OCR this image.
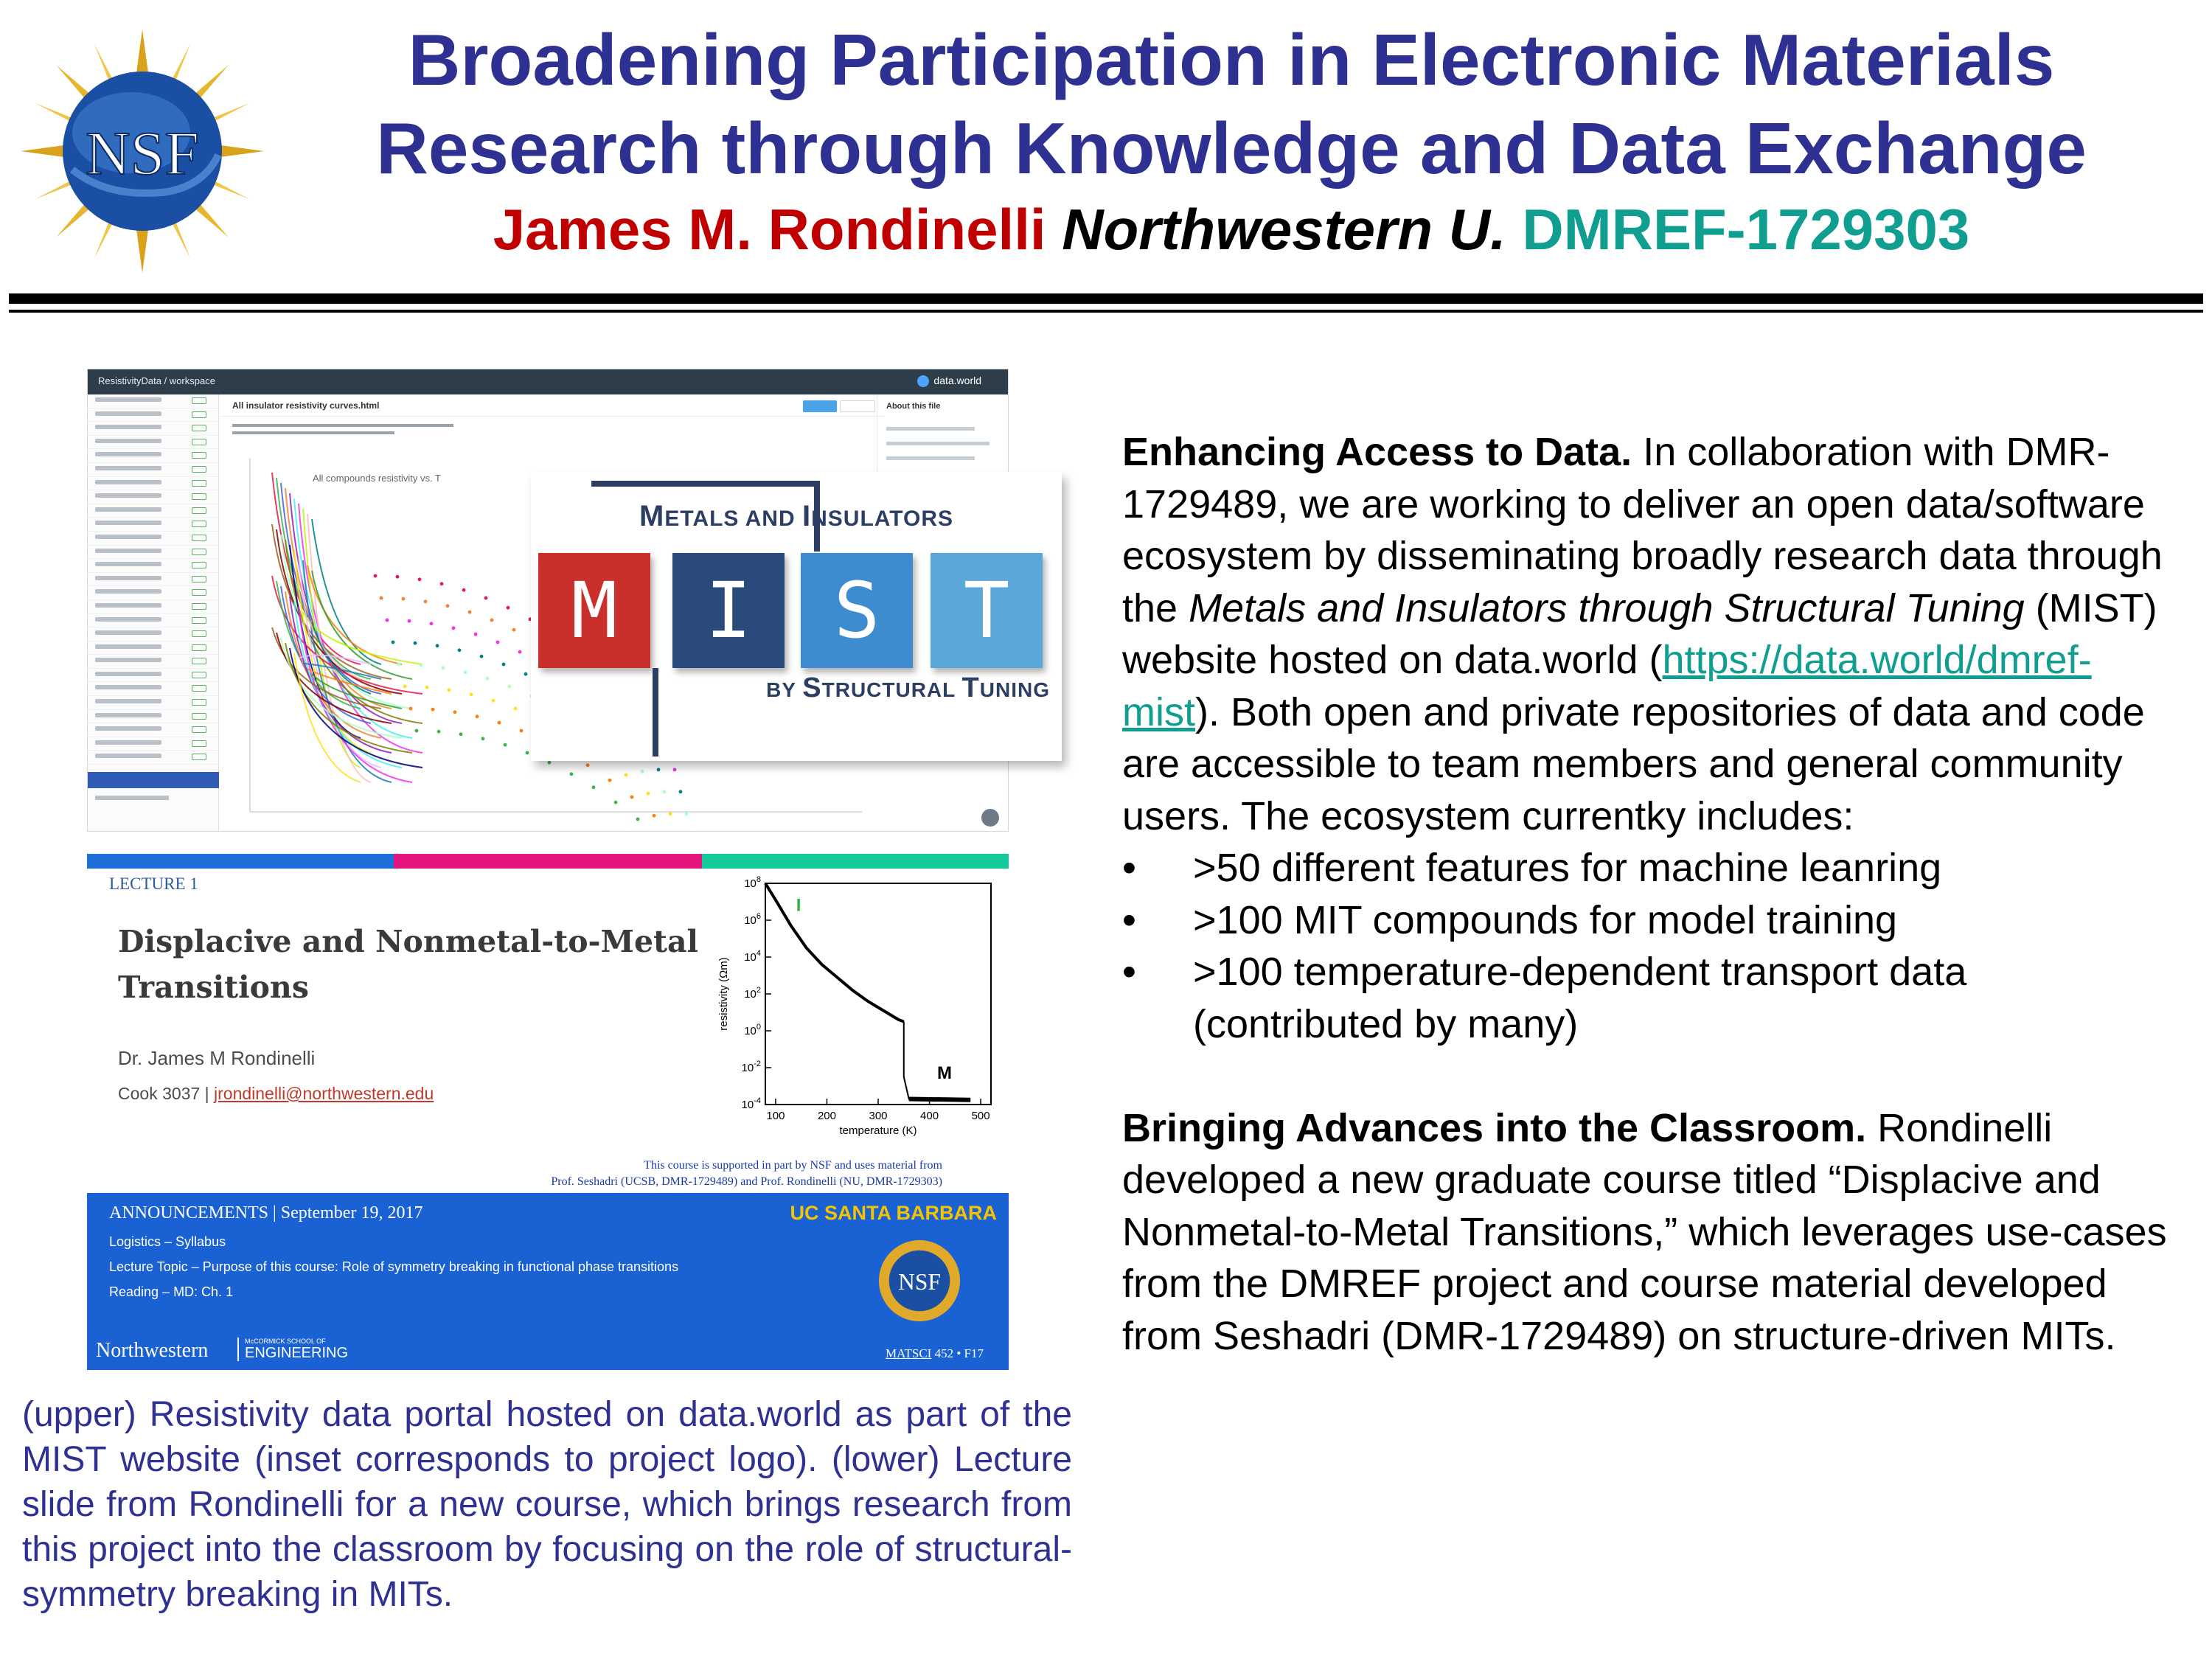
NSF
Broadening Participation in Electronic Materials
Research through Knowledge and Data Exchange
James M. Rondinelli Northwestern U. DMREF-1729303
ResistivityData / workspace	data.world
All insulator resistivity curves.html	About this file
All compounds resistivity vs. T
METALS AND INSULATORS
M	I	S	T
BY STRUCTURAL TUNING
LECTURE 1
Displacive and Nonmetal-to-Metal
Transitions
Dr. James M Rondinelli
Cook 3037 | jrondinelli@northwestern.edu
100	200	300	400	500
$10^8$
$10^6$
$10^4$
$10^2$
$10^0$
$10^{-2}$
$10^{-4}$
temperature (K)
resistivity (Ωm)
I
M
This course is supported in part by NSF and uses material from
Prof. Seshadri (UCSB, DMR-1729489) and Prof. Rondinelli (NU, DMR-1729303)
ANNOUNCEMENTS | September 19, 2017
Logistics – Syllabus
Lecture Topic – Purpose of this course: Role of symmetry breaking in functional phase transitions
Reading – MD: Ch. 1
UC SANTA BARBARA
NSF
Northwestern	McCORMICK SCHOOL OF
ENGINEERING	MATSCI 452 • F17
(upper) Resistivity data portal hosted on data.world as part of the MIST website (inset corresponds to project logo). (lower) Lecture slide from Rondinelli for a new course, which brings research from this project into the classroom by focusing on the role of structural-symmetry breaking in MITs.

Enhancing Access to Data. In collaboration with DMR-1729489, we are working to deliver an open data/software ecosystem by disseminating broadly research data through the Metals and Insulators through Structural Tuning (MIST) website hosted on data.world (https://data.world/dmref-mist). Both open and private repositories of data and code are accessible to team members and general community users. The ecosystem currentky includes:

•	>50 different features for machine leanring
•	>100 MIT compounds for model training
•	>100 temperature-dependent transport data (contributed by many)

Bringing Advances into the Classroom. Rondinelli developed a new graduate course titled “Displacive and Nonmetal-to-Metal Transitions,” which leverages use-cases from the DMREF project and course material developed from Seshadri (DMR-1729489) on structure-driven MITs.
